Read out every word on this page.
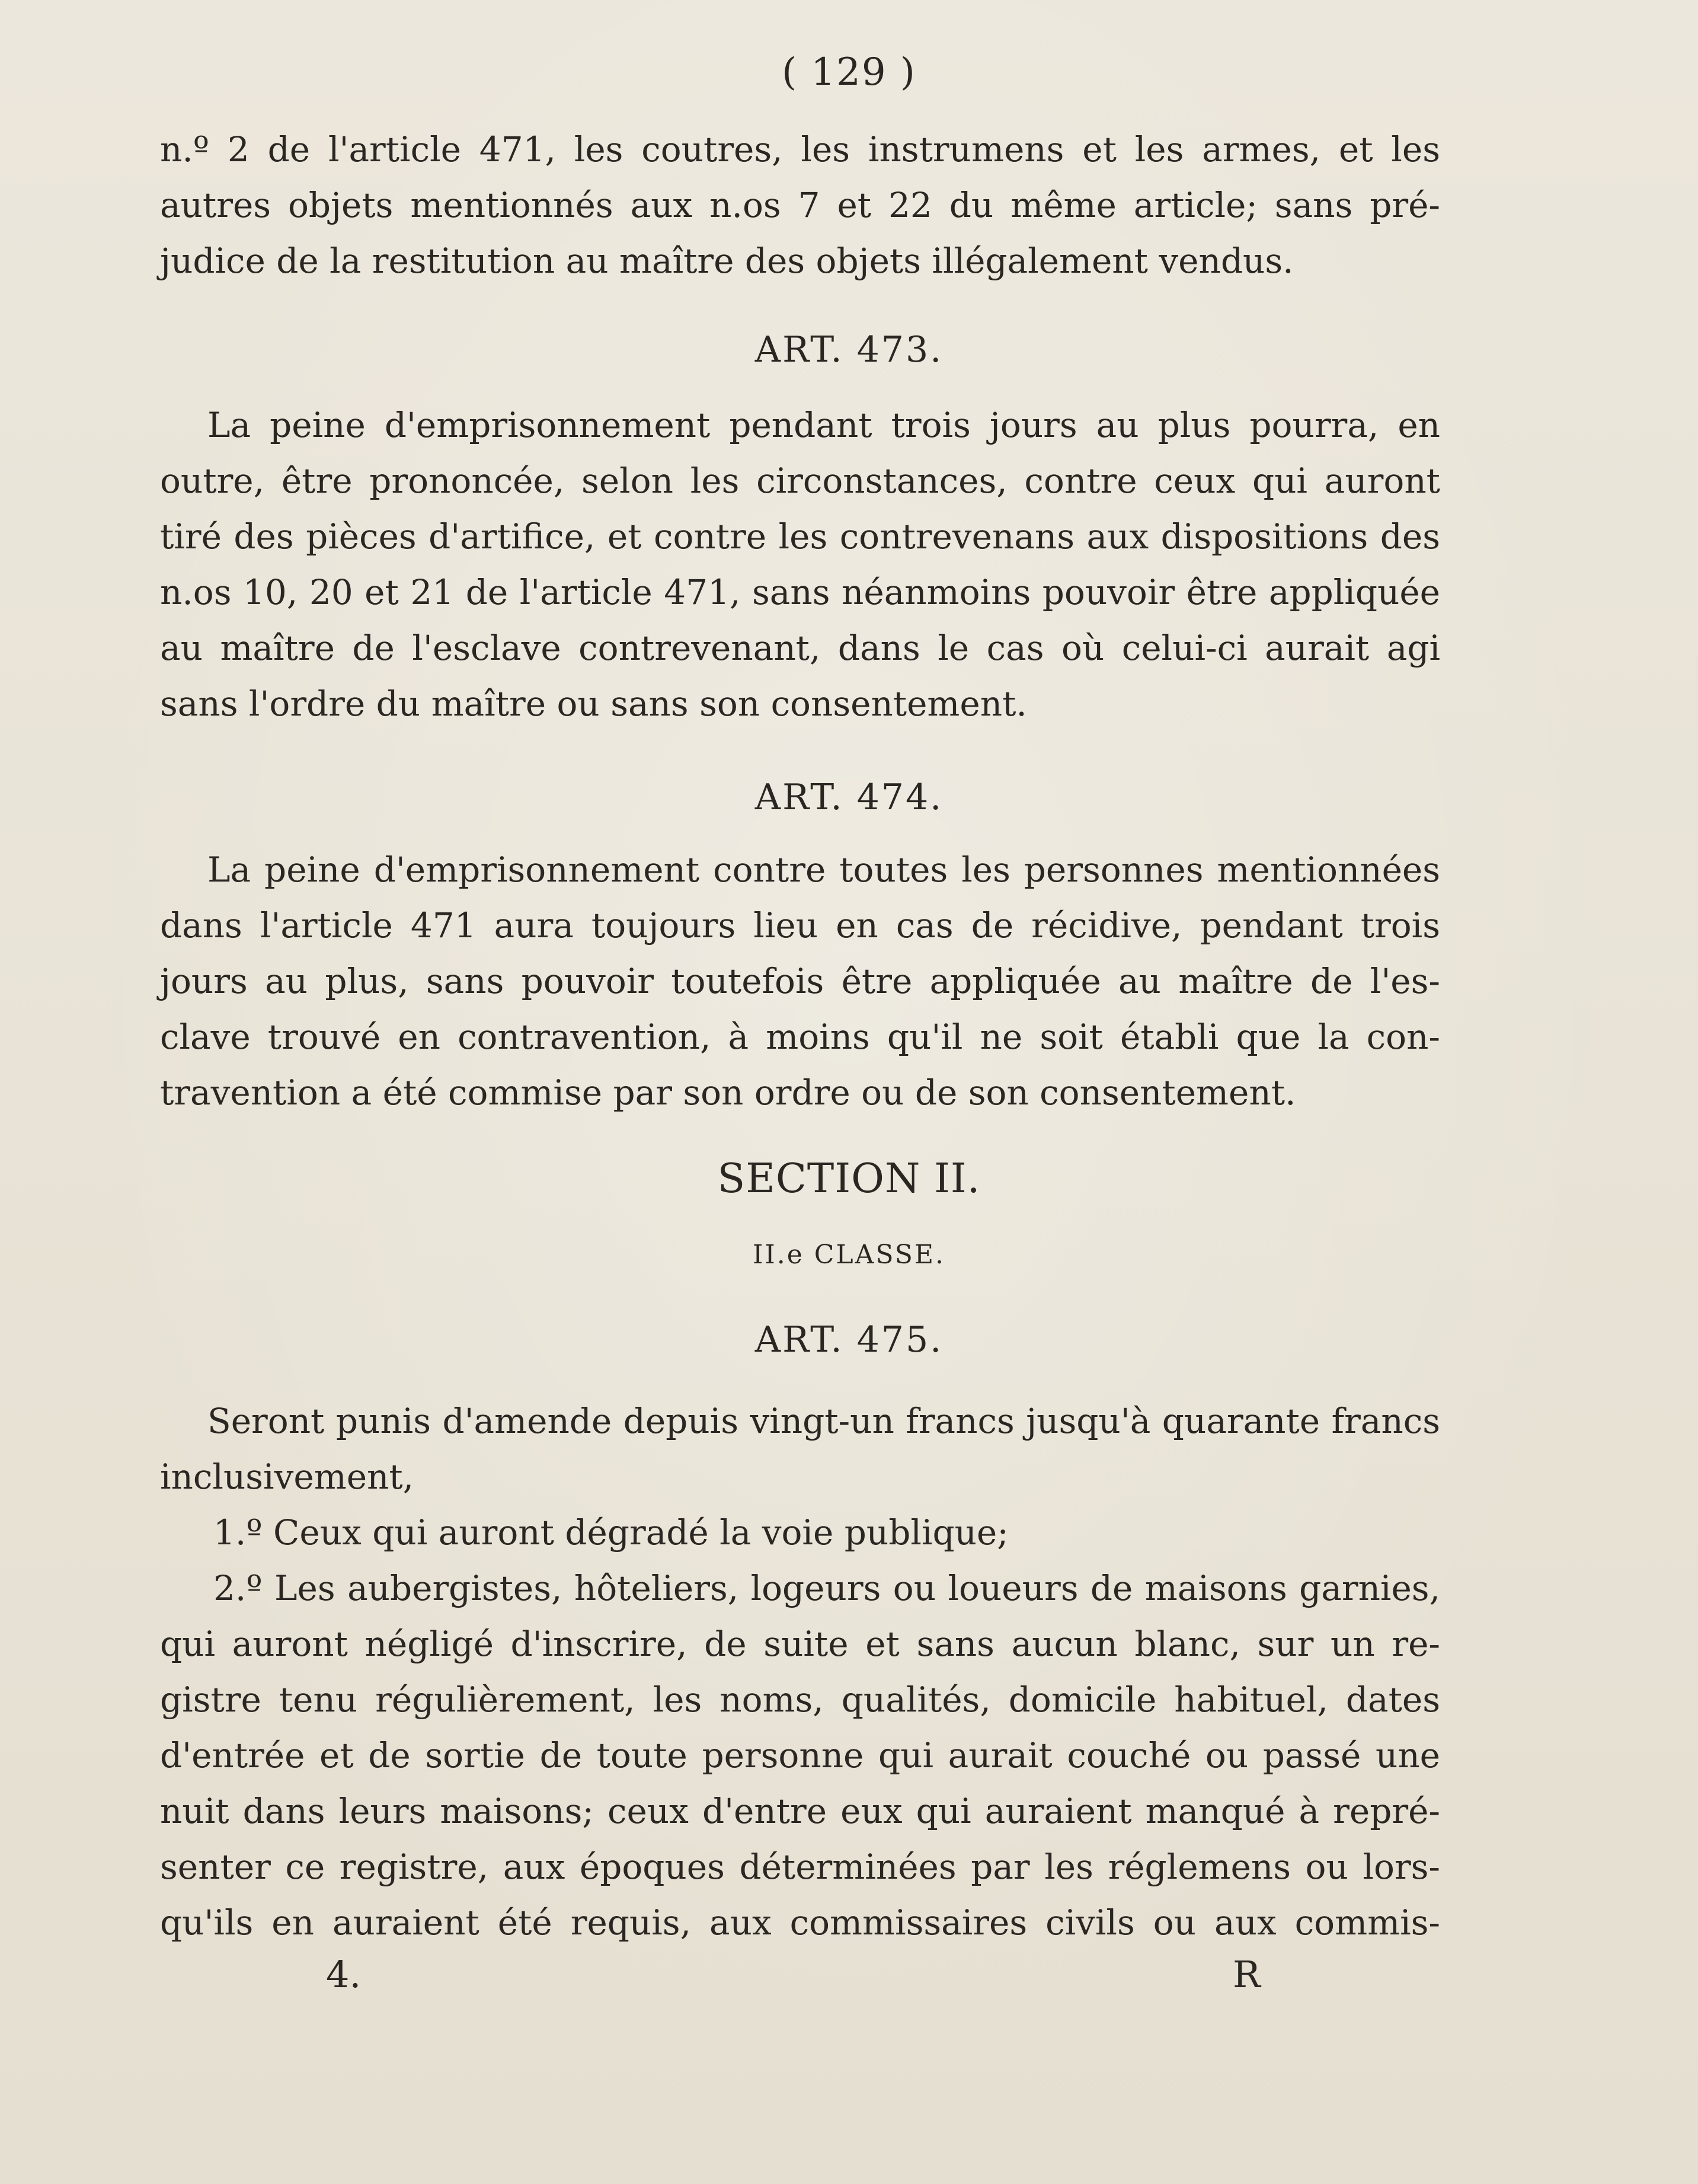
( 129 )
n.º 2 de l'article 471, les coutres, les instrumens et les armes, et les
autres objets mentionnés aux n.os 7 et 22 du même article; sans pré-
judice de la restitution au maître des objets illégalement vendus.
ART. 473.
La peine d'emprisonnement pendant trois jours au plus pourra, en
outre, être prononcée, selon les circonstances, contre ceux qui auront
tiré des pièces d'artifice, et contre les contrevenans aux dispositions des
n.os 10, 20 et 21 de l'article 471, sans néanmoins pouvoir être appliquée
au maître de l'esclave contrevenant, dans le cas où celui-ci aurait agi
sans l'ordre du maître ou sans son consentement.
ART. 474.
La peine d'emprisonnement contre toutes les personnes mentionnées
dans l'article 471 aura toujours lieu en cas de récidive, pendant trois
jours au plus, sans pouvoir toutefois être appliquée au maître de l'es-
clave trouvé en contravention, à moins qu'il ne soit établi que la con-
travention a été commise par son ordre ou de son consentement.
SECTION II.
II.e CLASSE.
ART. 475.
Seront punis d'amende depuis vingt-un francs jusqu'à quarante francs
inclusivement,
1.º Ceux qui auront dégradé la voie publique;
2.º Les aubergistes, hôteliers, logeurs ou loueurs de maisons garnies,
qui auront négligé d'inscrire, de suite et sans aucun blanc, sur un re-
gistre tenu régulièrement, les noms, qualités, domicile habituel, dates
d'entrée et de sortie de toute personne qui aurait couché ou passé une
nuit dans leurs maisons; ceux d'entre eux qui auraient manqué à repré-
senter ce registre, aux époques déterminées par les réglemens ou lors-
qu'ils en auraient été requis, aux commissaires civils ou aux commis-
4.	R
